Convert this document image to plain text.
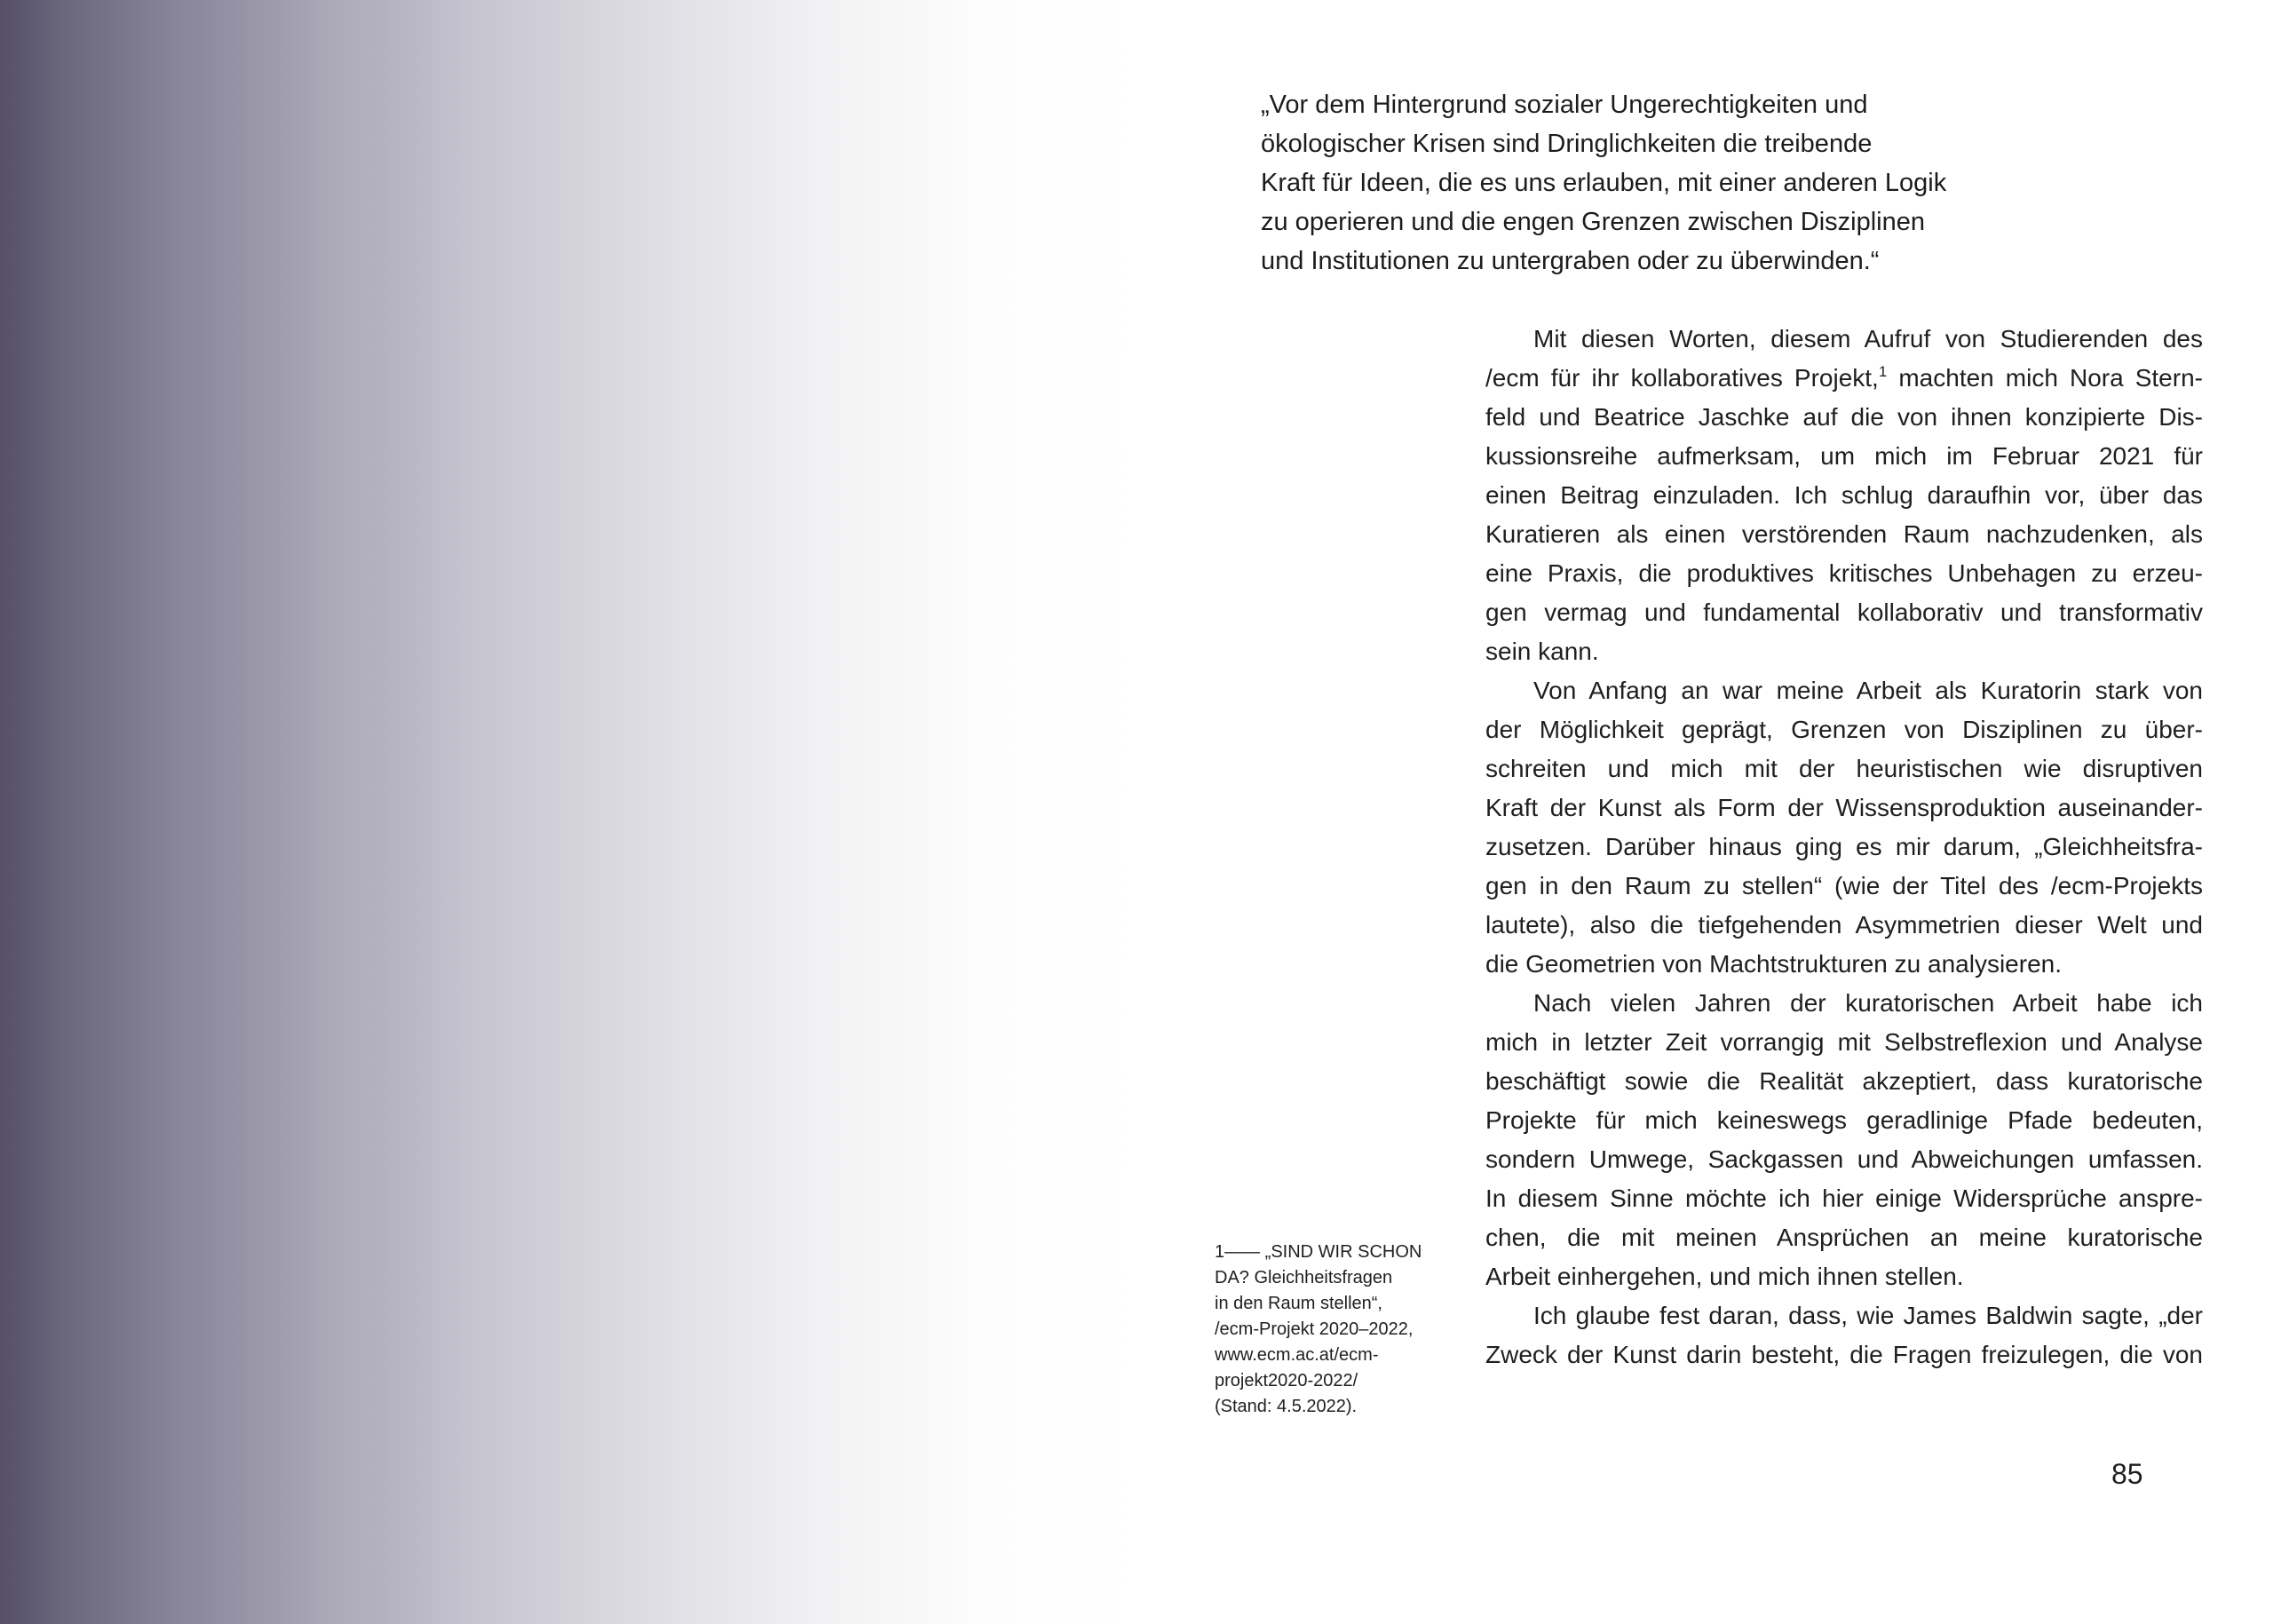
„Vor dem Hintergrund sozialer Ungerechtigkeiten und
ökologischer Krisen sind Dringlichkeiten die treibende
Kraft für Ideen, die es uns erlauben, mit einer anderen Logik
zu operieren und die engen Grenzen zwischen Disziplinen
und Institutionen zu untergraben oder zu überwinden.“
Mit diesen Worten, diesem Aufruf von Studierenden des
/ecm für ihr kollaboratives Projekt,$^1$ machten mich Nora Stern-
feld und Beatrice Jaschke auf die von ihnen konzipierte Dis-
kussionsreihe aufmerksam, um mich im Februar 2021 für
einen Beitrag einzuladen. Ich schlug daraufhin vor, über das
Kuratieren als einen verstörenden Raum nachzudenken, als
eine Praxis, die produktives kritisches Unbehagen zu erzeu-
gen vermag und fundamental kollaborativ und transformativ
sein kann.
Von Anfang an war meine Arbeit als Kuratorin stark von
der Möglichkeit geprägt, Grenzen von Disziplinen zu über-
schreiten und mich mit der heuristischen wie disruptiven
Kraft der Kunst als Form der Wissensproduktion auseinander-
zusetzen. Darüber hinaus ging es mir darum, „Gleichheitsfra-
gen in den Raum zu stellen“ (wie der Titel des /ecm-Projekts
lautete), also die tiefgehenden Asymmetrien dieser Welt und
die Geometrien von Machtstrukturen zu analysieren.
Nach vielen Jahren der kuratorischen Arbeit habe ich
mich in letzter Zeit vorrangig mit Selbstreflexion und Analyse
beschäftigt sowie die Realität akzeptiert, dass kuratorische
Projekte für mich keineswegs geradlinige Pfade bedeuten,
sondern Umwege, Sackgassen und Abweichungen umfassen.
In diesem Sinne möchte ich hier einige Widersprüche anspre-
chen, die mit meinen Ansprüchen an meine kuratorische
Arbeit einhergehen, und mich ihnen stellen.
Ich glaube fest daran, dass, wie James Baldwin sagte, „der
Zweck der Kunst darin besteht, die Fragen freizulegen, die von
1—— „SIND WIR SCHON
DA? Gleichheitsfragen
in den Raum stellen“,
/ecm-Projekt 2020–2022,
www.ecm.ac.at/ecm-
projekt2020-2022/
(Stand: 4.5.2022).

85
